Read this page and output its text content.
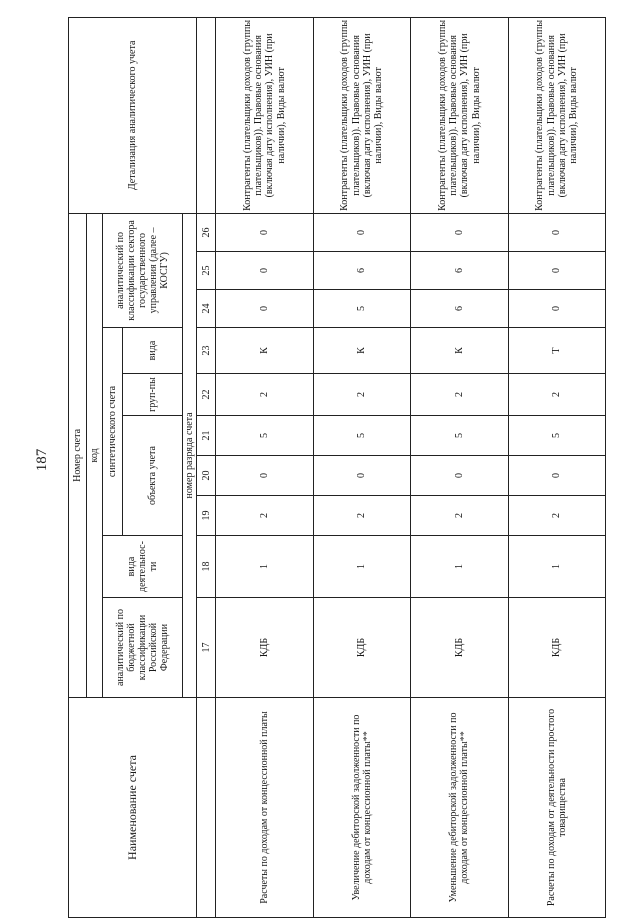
187
Наименование счета	Номер счета										Детализация аналитического учета
	код										
	аналитический по бюджетной классификации Российской Федерации	вида деятельнос-ти	синтетического счета					аналитический по классификации сектора государственного управления (далее – КОСГУ)			
			объекта учета			груп-пы	вида				
	номер разряда счета										
	17	18	19	20	21	22	23	24	25	26	
Расчеты по доходам от концессионной платы	КДБ	1	2	0	5	2	К	0	0	0	Контрагенты (плательщики доходов (группы плательщиков)). Правовые основания (включая дату исполнения), УИН (при наличии), Виды валют
Увеличение дебиторской задолженности по доходам от концессионной платы**	КДБ	1	2	0	5	2	К	5	6	0	Контрагенты (плательщики доходов (группы плательщиков)). Правовые основания (включая дату исполнения), УИН (при наличии), Виды валют
Уменьшение дебиторской задолженности по доходам от концессионной платы**	КДБ	1	2	0	5	2	К	6	6	0	Контрагенты (плательщики доходов (группы плательщиков)). Правовые основания (включая дату исполнения), УИН (при наличии), Виды валют
Расчеты по доходам от деятельности простого товарищества	КДБ	1	2	0	5	2	Т	0	0	0	Контрагенты (плательщики доходов (группы плательщиков)). Правовые основания (включая дату исполнения), УИН (при наличии), Виды валют
